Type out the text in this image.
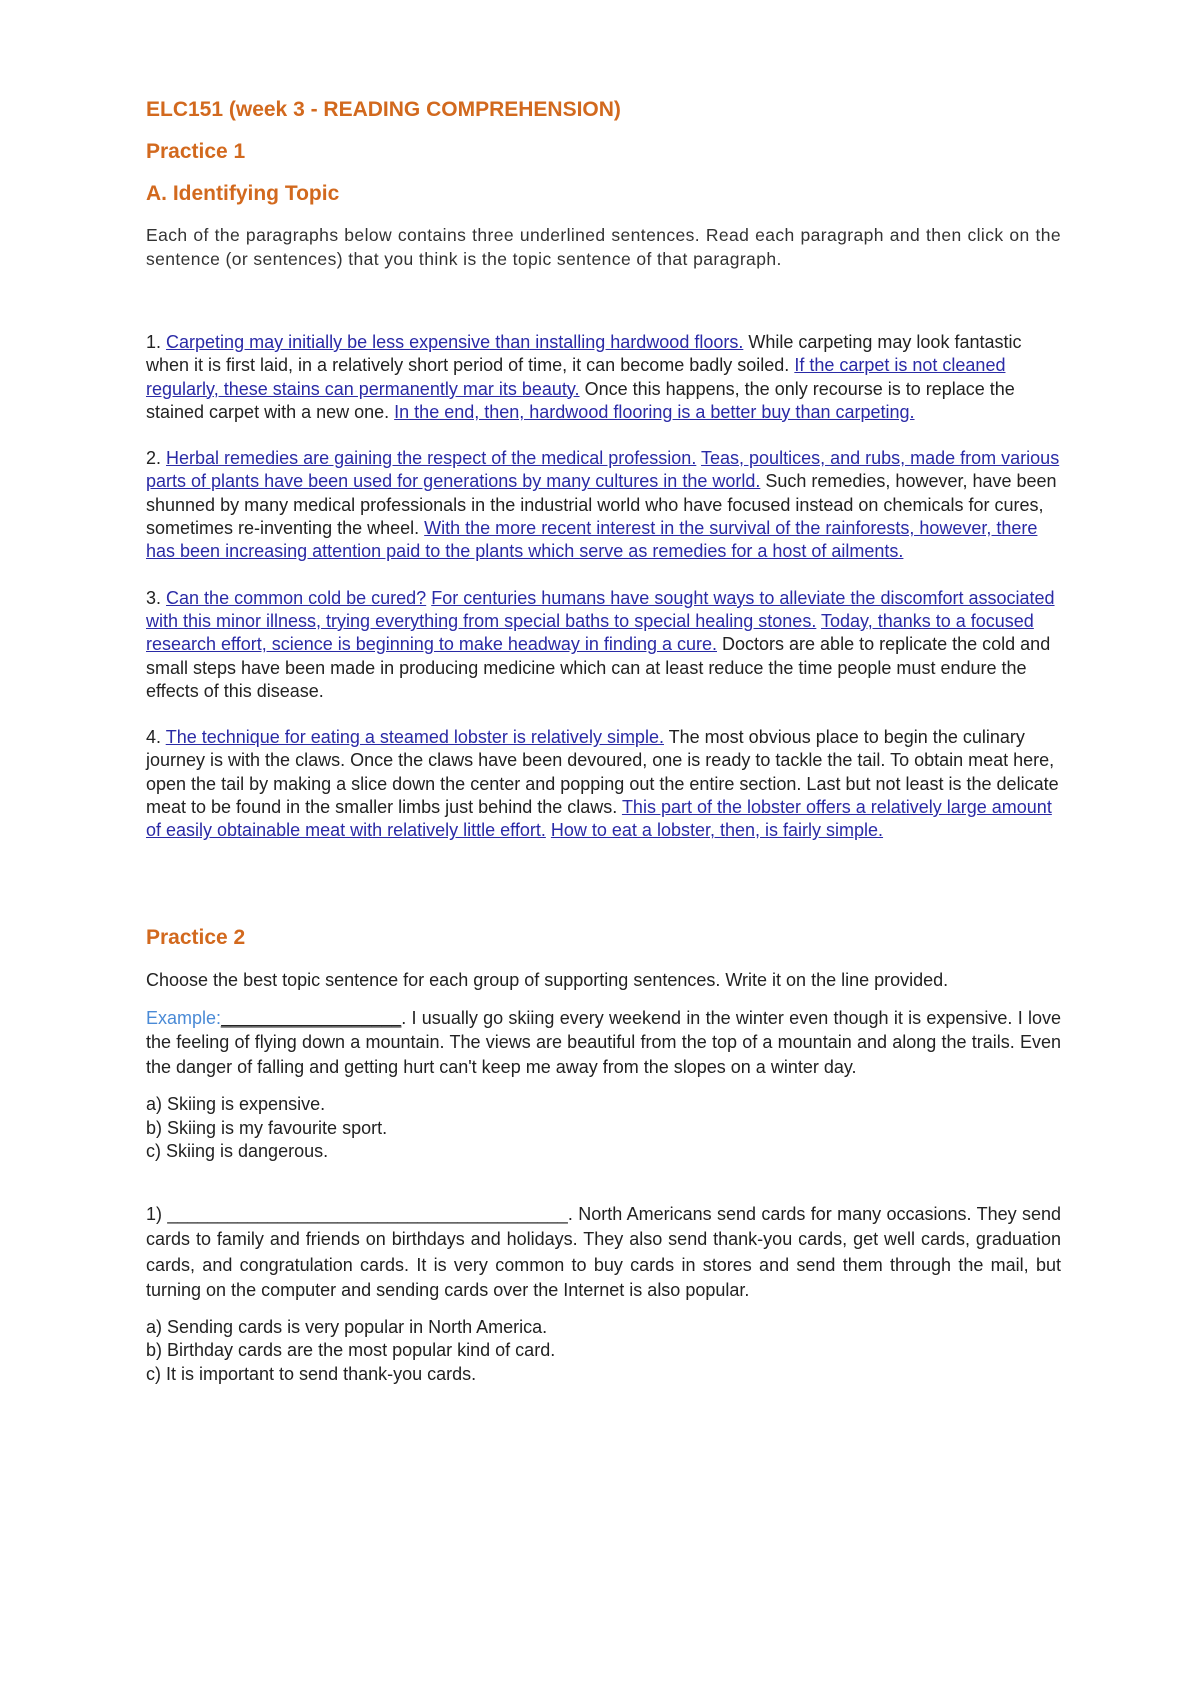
ELC151 (week 3 - READING COMPREHENSION)
Practice 1
A. Identifying Topic

Each of the paragraphs below contains three underlined sentences. Read each paragraph and then click on the sentence (or sentences) that you think is the topic sentence of that paragraph.

1. Carpeting may initially be less expensive than installing hardwood floors. While carpeting may look fantastic when it is first laid, in a relatively short period of time, it can become badly soiled. If the carpet is not cleaned regularly, these stains can permanently mar its beauty. Once this happens, the only recourse is to replace the stained carpet with a new one. In the end, then, hardwood flooring is a better buy than carpeting.

2. Herbal remedies are gaining the respect of the medical profession. Teas, poultices, and rubs, made from various parts of plants have been used for generations by many cultures in the world. Such remedies, however, have been shunned by many medical professionals in the industrial world who have focused instead on chemicals for cures, sometimes re-inventing the wheel. With the more recent interest in the survival of the rainforests, however, there has been increasing attention paid to the plants which serve as remedies for a host of ailments.

3. Can the common cold be cured? For centuries humans have sought ways to alleviate the discomfort associated with this minor illness, trying everything from special baths to special healing stones. Today, thanks to a focused research effort, science is beginning to make headway in finding a cure. Doctors are able to replicate the cold and small steps have been made in producing medicine which can at least reduce the time people must endure the effects of this disease.

4. The technique for eating a steamed lobster is relatively simple. The most obvious place to begin the culinary journey is with the claws. Once the claws have been devoured, one is ready to tackle the tail. To obtain meat here, open the tail by making a slice down the center and popping out the entire section. Last but not least is the delicate meat to be found in the smaller limbs just behind the claws. This part of the lobster offers a relatively large amount of easily obtainable meat with relatively little effort. How to eat a lobster, then, is fairly simple.

Practice 2

Choose the best topic sentence for each group of supporting sentences. Write it on the line provided.

Example:__________________. I usually go skiing every weekend in the winter even though it is expensive. I love the feeling of flying down a mountain. The views are beautiful from the top of a mountain and along the trails. Even the danger of falling and getting hurt can't keep me away from the slopes on a winter day.

a) Skiing is expensive.
b) Skiing is my favourite sport.
c) Skiing is dangerous.

1) ________________________________________. North Americans send cards for many occasions. They send cards to family and friends on birthdays and holidays. They also send thank-you cards, get well cards, graduation cards, and congratulation cards. It is very common to buy cards in stores and send them through the mail, but turning on the computer and sending cards over the Internet is also popular.

a) Sending cards is very popular in North America.
b) Birthday cards are the most popular kind of card.
c) It is important to send thank-you cards.
